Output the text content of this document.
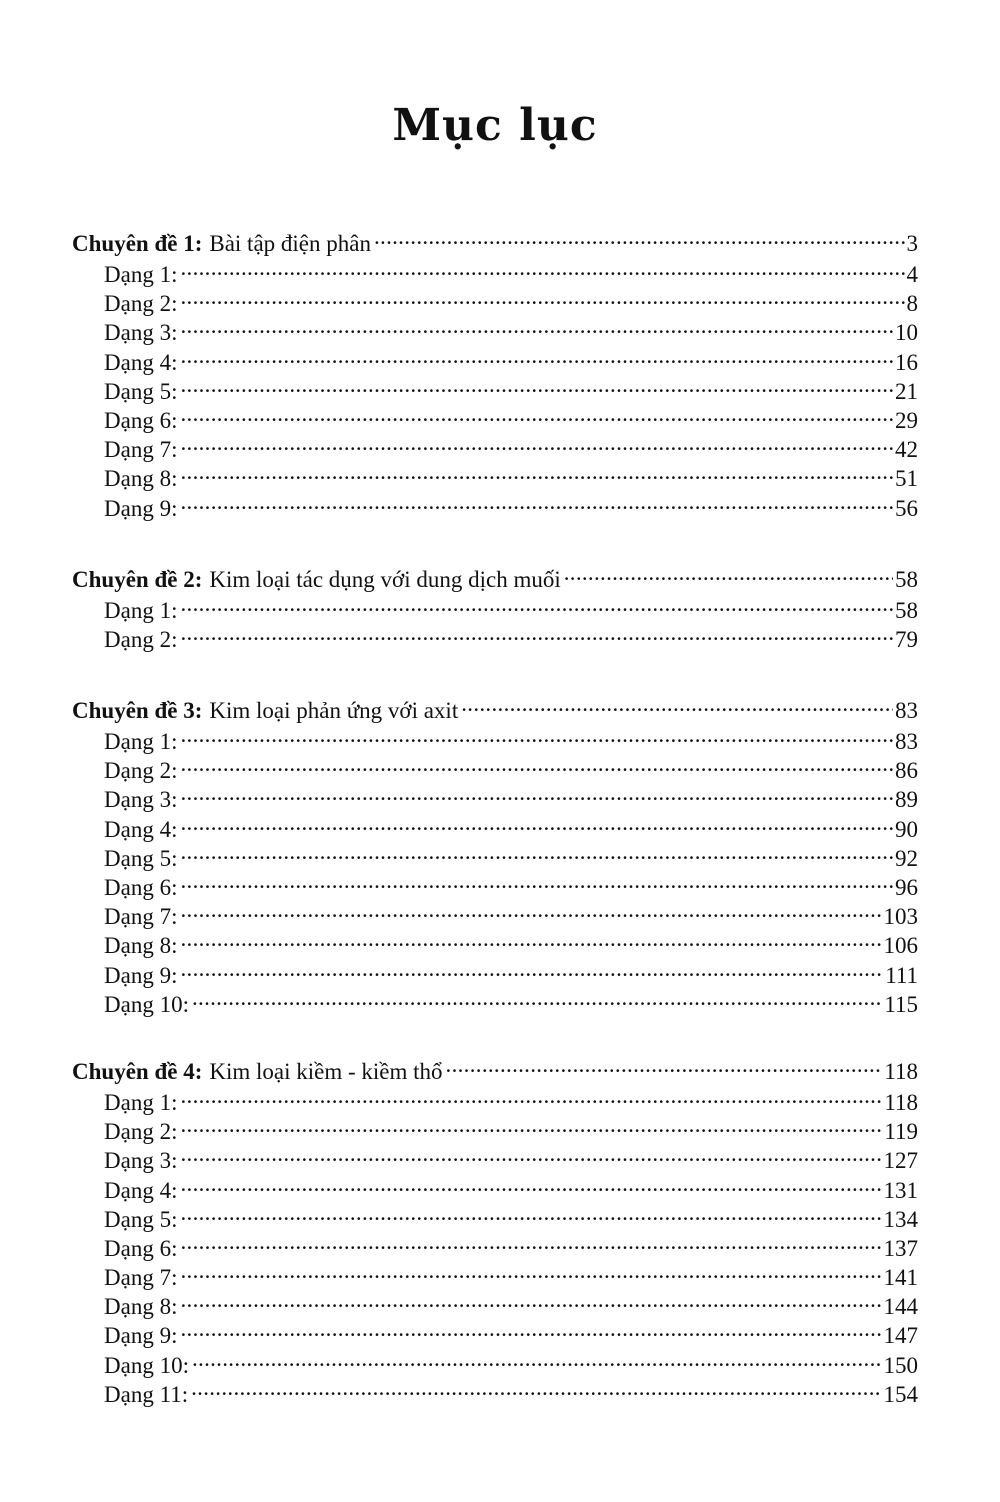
Mục lục
Chuyên đề 1: Bài tập điện phân .....	3
Dạng 1: .....	4
Dạng 2: .....	8
Dạng 3: .....	10
Dạng 4: .....	16
Dạng 5: .....	21
Dạng 6: .....	29
Dạng 7: .....	42
Dạng 8: .....	51
Dạng 9: .....	56
Chuyên đề 2: Kim loại tác dụng với dung dịch muối .....	58
Dạng 1: .....	58
Dạng 2: .....	79
Chuyên đề 3: Kim loại phản ứng với axit .....	83
Dạng 1: .....	83
Dạng 2: .....	86
Dạng 3: .....	89
Dạng 4: .....	90
Dạng 5: .....	92
Dạng 6: .....	96
Dạng 7: .....	103
Dạng 8: .....	106
Dạng 9: .....	111
Dạng 10: .....	115
Chuyên đề 4: Kim loại kiềm - kiềm thổ .....	118
Dạng 1: .....	118
Dạng 2: .....	119
Dạng 3: .....	127
Dạng 4: .....	131
Dạng 5: .....	134
Dạng 6: .....	137
Dạng 7: .....	141
Dạng 8: .....	144
Dạng 9: .....	147
Dạng 10: .....	150
Dạng 11: .....	154
